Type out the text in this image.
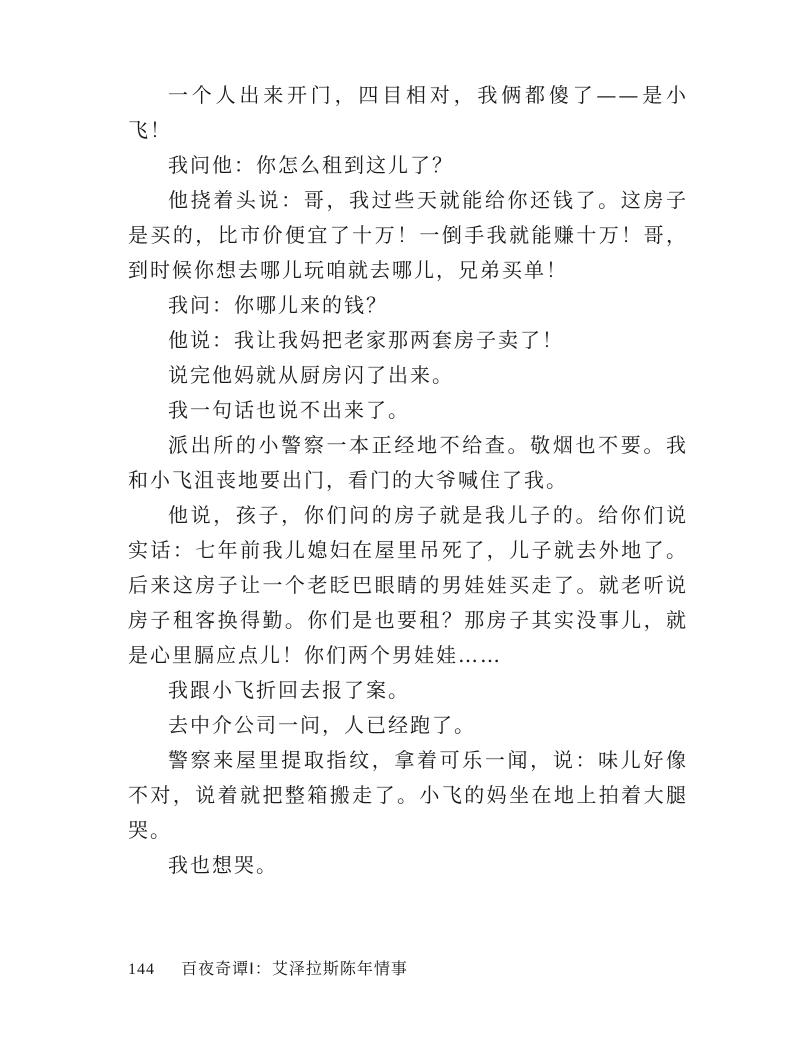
一个人出来开门，四目相对，我俩都傻了——是小飞！

我问他：你怎么租到这儿了？

他挠着头说：哥，我过些天就能给你还钱了。这房子是买的，比市价便宜了十万！一倒手我就能赚十万！哥，到时候你想去哪儿玩咱就去哪儿，兄弟买单！

我问：你哪儿来的钱？

他说：我让我妈把老家那两套房子卖了！

说完他妈就从厨房闪了出来。

我一句话也说不出来了。

派出所的小警察一本正经地不给查。敬烟也不要。我和小飞沮丧地要出门，看门的大爷喊住了我。

他说，孩子，你们问的房子就是我儿子的。给你们说实话：七年前我儿媳妇在屋里吊死了，儿子就去外地了。后来这房子让一个老眨巴眼睛的男娃娃买走了。就老听说房子租客换得勤。你们是也要租？那房子其实没事儿，就是心里膈应点儿！你们两个男娃娃……

我跟小飞折回去报了案。

去中介公司一问，人已经跑了。

警察来屋里提取指纹，拿着可乐一闻，说：味儿好像不对，说着就把整箱搬走了。小飞的妈坐在地上拍着大腿哭。

我也想哭。

144 百夜奇谭Ⅰ：艾泽拉斯陈年情事
